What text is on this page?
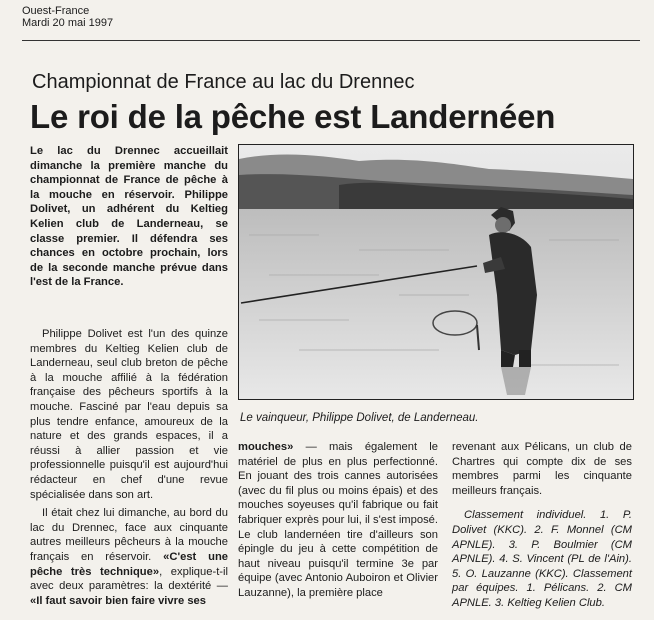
Ouest-France
Mardi 20 mai 1997
Championnat de France au lac du Drennec
Le roi de la pêche est Landernéen

Le lac du Drennec accueillait dimanche la première manche du championnat de France de pêche à la mouche en réservoir. Philippe Dolivet, un adhérent du Keltieg Kelien club de Landerneau, se classe premier. Il défendra ses chances en octobre prochain, lors de la seconde manche prévue dans l'est de la France.

Le vainqueur, Philippe Dolivet, de Landerneau.

Philippe Dolivet est l'un des quinze membres du Keltieg Kelien club de Landerneau, seul club breton de pêche à la mouche affilié à la fédération française des pêcheurs sportifs à la mouche. Fasciné par l'eau depuis sa plus tendre enfance, amoureux de la nature et des grands espaces, il a réussi à allier passion et vie professionnelle puisqu'il est aujourd'hui rédacteur en chef d'une revue spécialisée dans son art.

Il était chez lui dimanche, au bord du lac du Drennec, face aux cinquante autres meilleurs pêcheurs à la mouche français en réservoir. «C'est une pêche très technique», explique-t-il avec deux paramètres: la dextérité — «Il faut savoir bien faire vivre ses

mouches» — mais également le matériel de plus en plus perfectionné. En jouant des trois cannes autorisées (avec du fil plus ou moins épais) et des mouches soyeuses qu'il fabrique ou fait fabriquer exprès pour lui, il s'est imposé. Le club landernéen tire d'ailleurs son épingle du jeu à cette compétition de haut niveau puisqu'il termine 3e par équipe (avec Antonio Auboiron et Olivier Lauzanne), la première place

revenant aux Pélicans, un club de Chartres qui compte dix de ses membres parmi les cinquante meilleurs français.

Classement individuel. 1. P. Dolivet (KKC). 2. F. Monnel (CM APNLE). 3. P. Boulmier (CM APNLE). 4. S. Vincent (PL de l'Ain). 5. O. Lauzanne (KKC). Classement par équipes. 1. Pélicans. 2. CM APNLE. 3. Keltieg Kelien Club.
